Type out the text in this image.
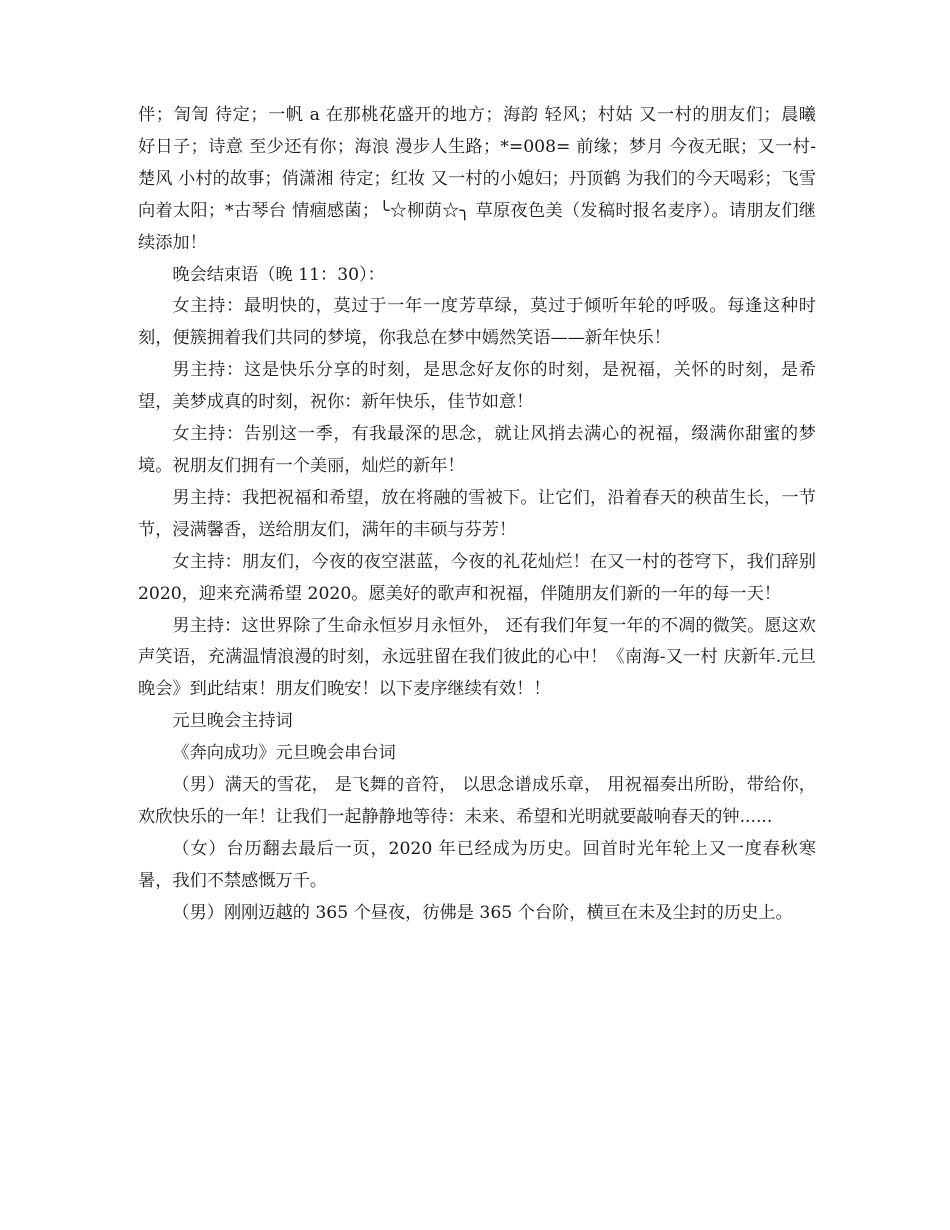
伴；訇訇 待定；一帆 a 在那桃花盛开的地方；海韵 轻风；村姑 又一村的朋友们；晨曦 好日子；诗意 至少还有你；海浪 漫步人生路；*=008= 前缘；梦月 今夜无眠；又一村-楚风 小村的故事；俏潇湘 待定；红妆 又一村的小媳妇；丹顶鹤 为我们的今天喝彩；飞雪 向着太阳；*古琴台 情痼感菌；╰☆柳荫☆╮ 草原夜色美（发稿时报名麦序）。请朋友们继续添加！

晚会结束语（晚 11：30）：

女主持：最明快的，莫过于一年一度芳草绿，莫过于倾听年轮的呼吸。每逢这种时刻，便簇拥着我们共同的梦境，你我总在梦中嫣然笑语——新年快乐！

男主持：这是快乐分享的时刻，是思念好友你的时刻，是祝福，关怀的时刻，是希望，美梦成真的时刻，祝你：新年快乐，佳节如意！

女主持：告别这一季，有我最深的思念，就让风捎去满心的祝福，缀满你甜蜜的梦境。祝朋友们拥有一个美丽，灿烂的新年！

男主持：我把祝福和希望，放在将融的雪被下。让它们，沿着春天的秧苗生长，一节节，浸满馨香，送给朋友们，满年的丰硕与芬芳！

女主持：朋友们，今夜的夜空湛蓝，今夜的礼花灿烂！在又一村的苍穹下，我们辞别 2020，迎来充满希望 2020。愿美好的歌声和祝福，伴随朋友们新的一年的每一天！

男主持：这世界除了生命永恒岁月永恒外， 还有我们年复一年的不凋的微笑。愿这欢声笑语，充满温情浪漫的时刻，永远驻留在我们彼此的心中！《南海-又一村 庆新年.元旦晚会》到此结束！朋友们晚安！以下麦序继续有效！！

元旦晚会主持词

《奔向成功》元旦晚会串台词

（男）满天的雪花， 是飞舞的音符， 以思念谱成乐章， 用祝福奏出所盼，带给你， 欢欣快乐的一年！让我们一起静静地等待：未来、希望和光明就要敲响春天的钟......

（女）台历翻去最后一页，2020 年已经成为历史。回首时光年轮上又一度春秋寒暑，我们不禁感慨万千。

（男）刚刚迈越的 365 个昼夜，彷佛是 365 个台阶，横亘在未及尘封的历史上。
